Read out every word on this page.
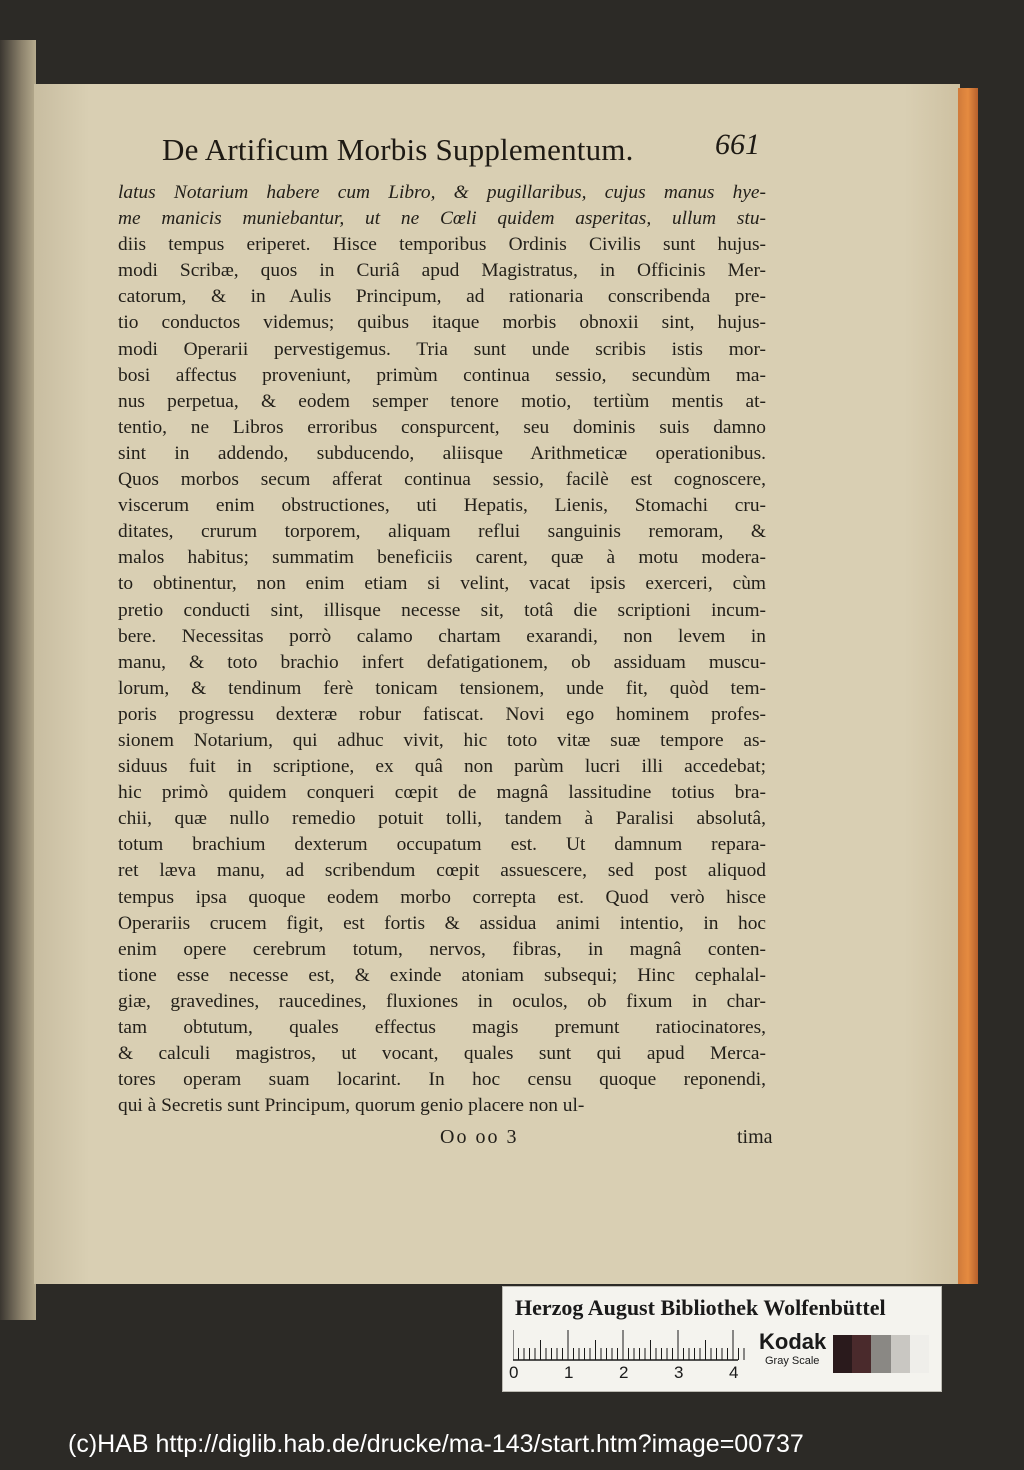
De Artificum Morbis Supplementum.	661
latus Notarium habere cum Libro, & pugillaribus, cujus manus hye-
me manicis muniebantur, ut ne Cœli quidem asperitas, ullum stu-
diis tempus eriperet. Hisce temporibus Ordinis Civilis sunt hujus-
modi Scribæ, quos in Curiâ apud Magistratus, in Officinis Mer-
catorum, & in Aulis Principum, ad rationaria conscribenda pre-
tio conductos videmus; quibus itaque morbis obnoxii sint, hujus-
modi Operarii pervestigemus. Tria sunt unde scribis istis mor-
bosi affectus proveniunt, primùm continua sessio, secundùm ma-
nus perpetua, & eodem semper tenore motio, tertiùm mentis at-
tentio, ne Libros erroribus conspurcent, seu dominis suis damno
sint in addendo, subducendo, aliisque Arithmeticæ operationibus.
Quos morbos secum afferat continua sessio, facilè est cognoscere,
viscerum enim obstructiones, uti Hepatis, Lienis, Stomachi cru-
ditates, crurum torporem, aliquam refluі sanguinis remoram, &
malos habitus; summatim beneficiis carent, quæ à motu modera-
to obtinentur, non enim etiam si velint, vacat ipsis exerceri, cùm
pretio conducti sint, illisque necesse sit, totâ die scriptioni incum-
bere. Necessitas porrò calamo chartam exarandi, non levem in
manu, & toto brachio infert defatigationem, ob assiduam muscu-
lorum, & tendinum ferè tonicam tensionem, unde fit, quòd tem-
poris progressu dexteræ robur fatiscat. Novi ego hominem profes-
sionem Notarium, qui adhuc vivit, hic toto vitæ suæ tempore as-
siduus fuit in scriptione, ex quâ non parùm lucri illi accedebat;
hic primò quidem conqueri cœpit de magnâ lassitudine totius bra-
chii, quæ nullo remedio potuit tolli, tandem à Paralisi absolutâ,
totum brachium dexterum occupatum est. Ut damnum repara-
ret læva manu, ad scribendum cœpit assuescere, sed post aliquod
tempus ipsa quoque eodem morbo correpta est. Quod verò hisce
Operariis crucem figit, est fortis & assidua animi intentio, in hoc
enim opere cerebrum totum, nervos, fibras, in magnâ conten-
tione esse necesse est, & exinde atoniam subsequi; Hinc cephalal-
giæ, gravedines, raucedines, fluxiones in oculos, ob fixum in char-
tam obtutum, quales effectus magis premunt ratiocinatores,
& calculi magistros, ut vocant, quales sunt qui apud Merca-
tores operam suam locarint. In hoc censu quoque reponendi,
qui à Secretis sunt Principum, quorum genio placere non ul-
Oo oo 3	tima
Herzog August Bibliothek Wolfenbüttel
0	1	2	3	4
Kodak
Gray Scale
(c)HAB http://diglib.hab.de/drucke/ma-143/start.htm?image=00737
